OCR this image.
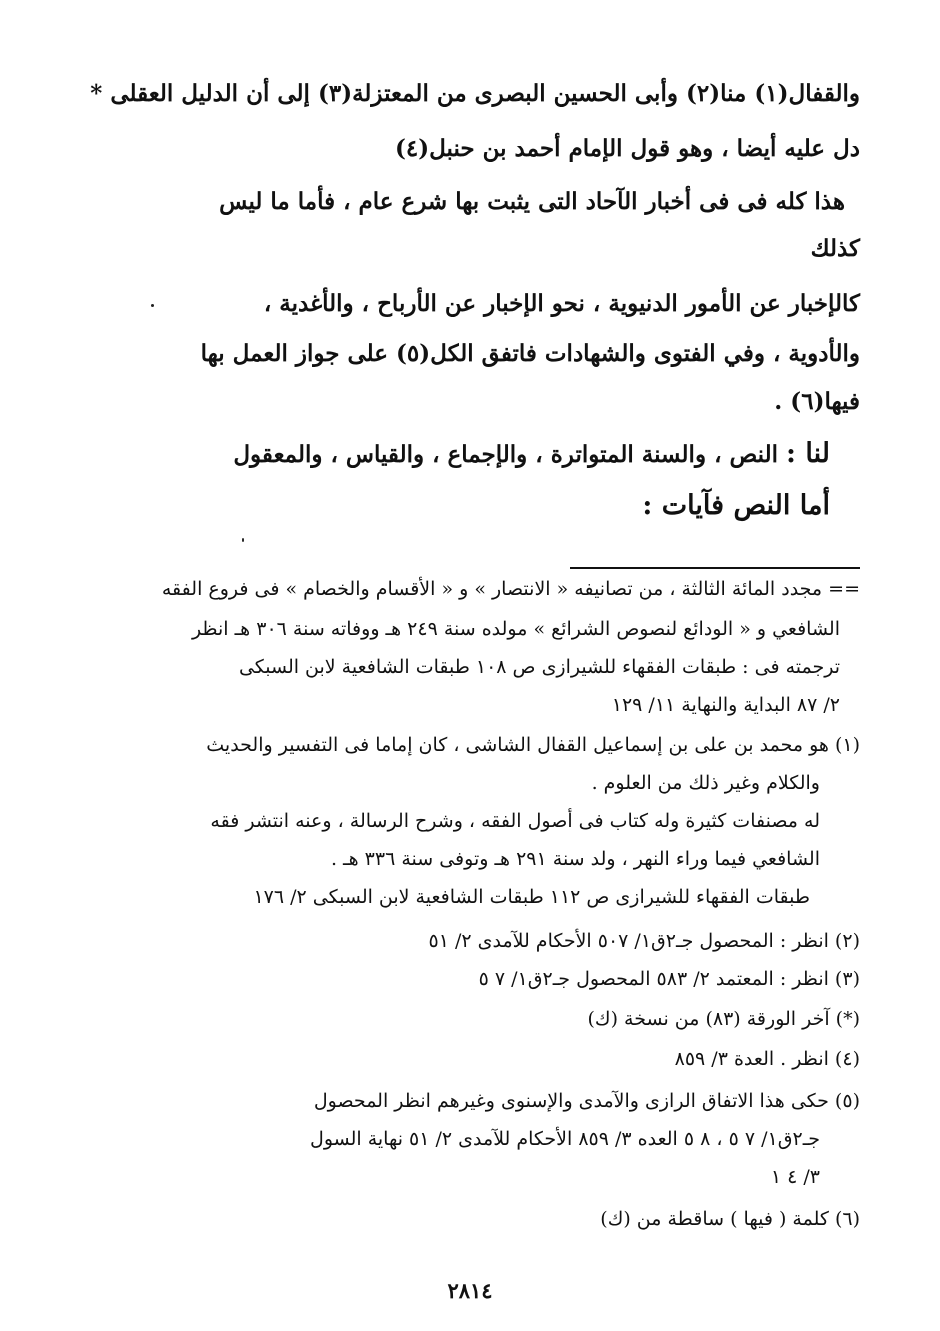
والقفال(١) منا(٢) وأبى الحسين البصرى من المعتزلة(٣) إلى أن الدليل العقلى *
دل عليه أيضا ، وهو قول الإمام أحمد بن حنبل(٤)
هذا كله فى فى أخبار الآحاد التى يثبت بها شرع عام ، فأما ما ليس
كذلك
كالإخبار عن الأمور الدنيوية ، نحو الإخبار عن الأرباح ، والأغدية ،
والأدوية ، وفي الفتوى والشهادات فاتفق الكل(٥) على جواز العمل بها
فيها(٦) .
لنا : النص ، والسنة المتواترة ، والإجماع ، والقياس ، والمعقول
أما النص فآيات :
== مجدد المائة الثالثة ، من تصانيفه « الانتصار » و « الأقسام والخصام » فى فروع الفقه
الشافعي و « الودائع لنصوص الشرائع » مولده سنة ٢٤٩ هـ ووفاته سنة ٣٠٦ هـ انظر
ترجمته فى : طبقات الفقهاء للشيرازى ص ١٠٨ طبقات الشافعية لابن السبكى
٢/ ٨٧ البداية والنهاية ١١/ ١٢٩
(١) هو محمد بن على بن إسماعيل القفال الشاشى ، كان إماما فى التفسير والحديث
والكلام وغير ذلك من العلوم .
له مصنفات كثيرة وله كتاب فى أصول الفقه ، وشرح الرسالة ، وعنه انتشر فقه
الشافعي فيما وراء النهر ، ولد سنة ٢٩١ هـ وتوفى سنة ٣٣٦ هـ .
طبقات الفقهاء للشيرازى ص ١١٢ طبقات الشافعية لابن السبكى ٢/ ١٧٦
(٢) انظر : المحصول جـ٢ق١/ ٥٠٧ الأحكام للآمدى ٢/ ٥١
(٣) انظر : المعتمد ٢/ ٥٨٣ المحصول جـ٢ق١/ ٧ ٥
(*) آخر الورقة (٨٣) من نسخة (ك)
(٤) انظر . العدة ٣/ ٨٥٩
(٥) حكى هذا الاتفاق الرازى والآمدى والإسنوى وغيرهم انظر المحصول
جـ٢ق١/ ٧ ٥ ، ٨ ٥ العده ٣/ ٨٥٩ الأحكام للآمدى ٢/ ٥١ نهاية السول
٣/ ٤ ١
(٦) كلمة ( فيها ) ساقطة من (ك)
٢٨١٤
